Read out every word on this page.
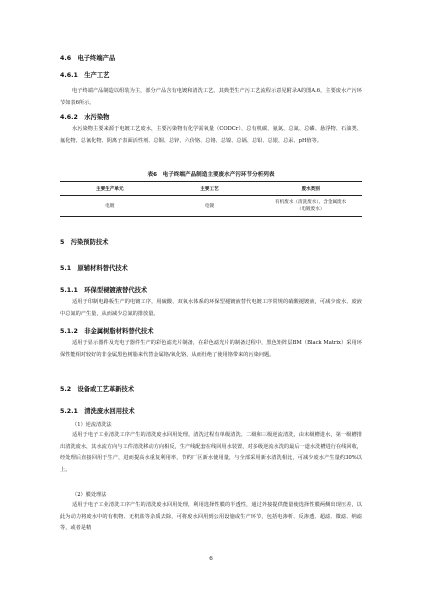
4.6　 电子终端产品
4.6.1　 生产工艺
电子终端产品制造以组装为主，部分产品含有电镀和清洗工艺。其典型生产污工艺流程示意见附录A的图A.6，主要废水产污环节如表6所示。
4.6.2　 水污染物
水污染物主要来源于电镀工艺废水，主要污染物有化学需氧量（CODCr）、总有机碳、氨氮、总氮、总磷、悬浮物、石油类、氟化物、总氰化物、阴离子表面活性剂、总铜、总锌、六价铬、总铬、总镍、总镉、总铅、总银、总汞、pH值等。
表6　电子终端产品制造主要废水产污环节分析列表
主要生产单元	主要工艺	废水类别
电镀	电镀	有机废水（清洗废水）、含金属废水
（电镀废水）
5　 污染预防技术
5.1　 原辅材料替代技术
5.1.1　 环保型褪镀液替代技术
适用于印制电路板生产的电镀工序，用硫酸、双氧水体系的环保型褪镀液替代电镀工序常规的硝酸褪镀液，可减少废水、废液中总氮的产生量，从而减少总氮的排放量。
5.1.2　 非金属树脂材料替代技术
适用于显示器件及光电子器件生产的彩色滤光片制备，在彩色滤光片的制备过程中，黑色矩阵层BM（Black Matrix）采用环保性能相对较好的非金属黑色树脂来代替金属铬/氧化铬，从而杜绝了使用铬带来的污染问题。
5.2　 设备或工艺革新技术
5.2.1　 清洗废水回用技术
（1）逆流清洗法
适用于电子工业清洗工序产生的清洗废水回用处理。清洗过程有单级清洗、二级和三级逆流清洗，由末级槽进水，第一级槽排出清洗废水，其水流方向与工件清洗移动方向相反，生产线配套在线回用水装置，对多级逆流水洗的最后一道水洗槽进行在线回收，经处理后直接回用于生产，进而提高水重复利用率，节约厂区新水使用量，与全部采用新水清洗相比，可减少废水产生量约30%以上。
（2）膜处理法
适用于电子工业清洗工序产生的清洗废水回用处理，利用选择性膜的半透性，通过外接提供能量使选择性膜两侧出现压差，以此为动力将废水中的有机物、无机盐等杂质去除，可将废水回用到公用设施或生产环节，包括电渗析、反渗透、超滤、微滤、纳滤等，或者是精
6
